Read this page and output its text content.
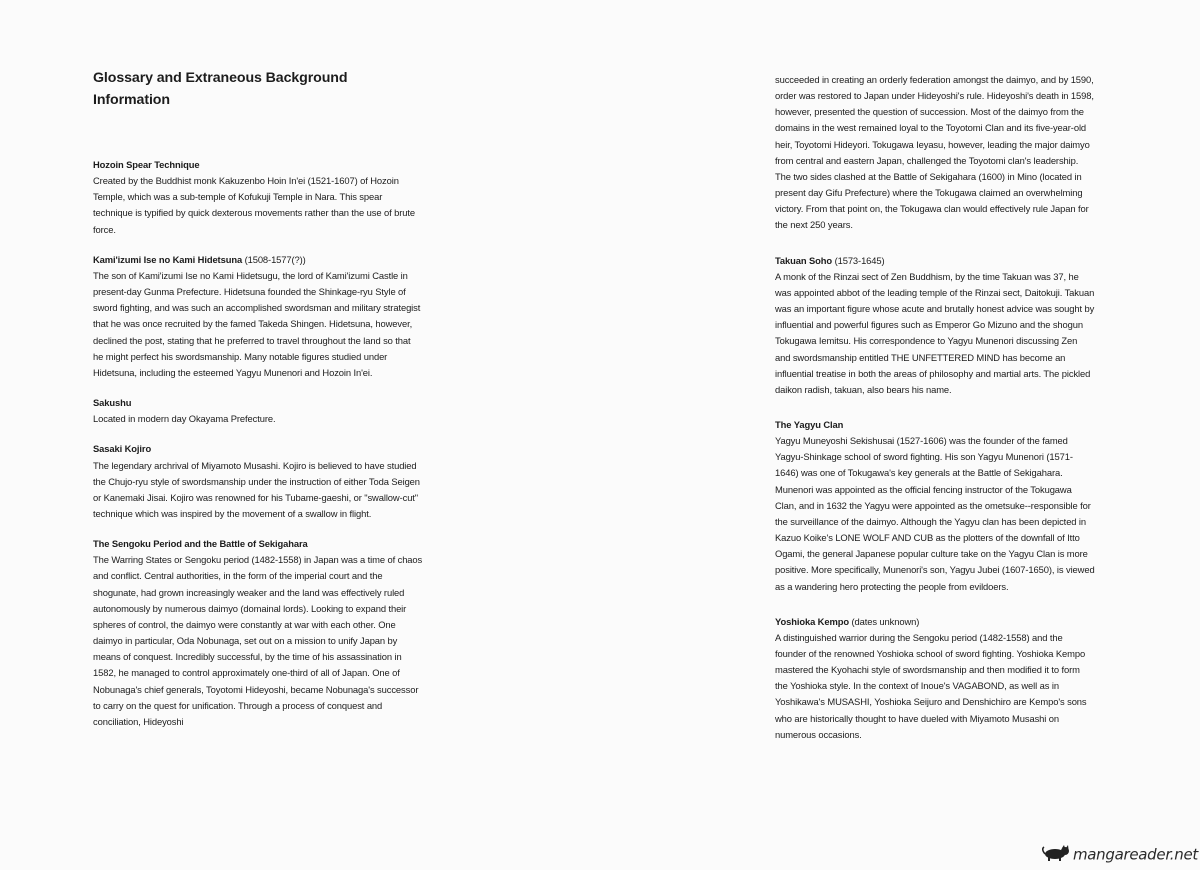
Glossary and Extraneous Background Information
Hozoin Spear Technique

Created by the Buddhist monk Kakuzenbo Hoin In'ei (1521-1607) of Hozoin Temple, which was a sub-temple of Kofukuji Temple in Nara. This spear technique is typified by quick dexterous movements rather than the use of brute force.

Kami'izumi Ise no Kami Hidetsuna (1508-1577(?))

The son of Kami'izumi Ise no Kami Hidetsugu, the lord of Kami'izumi Castle in present-day Gunma Prefecture. Hidetsuna founded the Shinkage-ryu Style of sword fighting, and was such an accomplished swordsman and military strategist that he was once recruited by the famed Takeda Shingen. Hidetsuna, however, declined the post, stating that he preferred to travel throughout the land so that he might perfect his swordsmanship. Many notable figures studied under Hidetsuna, including the esteemed Yagyu Munenori and Hozoin In'ei.

Sakushu

Located in modern day Okayama Prefecture.

Sasaki Kojiro

The legendary archrival of Miyamoto Musashi. Kojiro is believed to have studied the Chujo-ryu style of swordsmanship under the instruction of either Toda Seigen or Kanemaki Jisai. Kojiro was renowned for his Tubame-gaeshi, or "swallow-cut" technique which was inspired by the movement of a swallow in flight.

The Sengoku Period and the Battle of Sekigahara

The Warring States or Sengoku period (1482-1558) in Japan was a time of chaos and conflict. Central authorities, in the form of the imperial court and the shogunate, had grown increasingly weaker and the land was effectively ruled autonomously by numerous daimyo (domainal lords). Looking to expand their spheres of control, the daimyo were constantly at war with each other. One daimyo in particular, Oda Nobunaga, set out on a mission to unify Japan by means of conquest. Incredibly successful, by the time of his assassination in 1582, he managed to control approximately one-third of all of Japan. One of Nobunaga's chief generals, Toyotomi Hideyoshi, became Nobunaga's successor to carry on the quest for unification. Through a process of conquest and conciliation, Hideyoshi

succeeded in creating an orderly federation amongst the daimyo, and by 1590, order was restored to Japan under Hideyoshi's rule. Hideyoshi's death in 1598, however, presented the question of succession. Most of the daimyo from the domains in the west remained loyal to the Toyotomi Clan and its five-year-old heir, Toyotomi Hideyori. Tokugawa Ieyasu, however, leading the major daimyo from central and eastern Japan, challenged the Toyotomi clan's leadership. The two sides clashed at the Battle of Sekigahara (1600) in Mino (located in present day Gifu Prefecture) where the Tokugawa claimed an overwhelming victory. From that point on, the Tokugawa clan would effectively rule Japan for the next 250 years.

Takuan Soho (1573-1645)

A monk of the Rinzai sect of Zen Buddhism, by the time Takuan was 37, he was appointed abbot of the leading temple of the Rinzai sect, Daitokuji. Takuan was an important figure whose acute and brutally honest advice was sought by influential and powerful figures such as Emperor Go Mizuno and the shogun Tokugawa Iemitsu. His correspondence to Yagyu Munenori discussing Zen and swordsmanship entitled THE UNFETTERED MIND has become an influential treatise in both the areas of philosophy and martial arts. The pickled daikon radish, takuan, also bears his name.

The Yagyu Clan

Yagyu Muneyoshi Sekishusai (1527-1606) was the founder of the famed Yagyu-Shinkage school of sword fighting. His son Yagyu Munenori (1571-1646) was one of Tokugawa's key generals at the Battle of Sekigahara. Munenori was appointed as the official fencing instructor of the Tokugawa Clan, and in 1632 the Yagyu were appointed as the ometsuke--responsible for the surveillance of the daimyo. Although the Yagyu clan has been depicted in Kazuo Koike's LONE WOLF AND CUB as the plotters of the downfall of Itto Ogami, the general Japanese popular culture take on the Yagyu Clan is more positive. More specifically, Munenori's son, Yagyu Jubei (1607-1650), is viewed as a wandering hero protecting the people from evildoers.

Yoshioka Kempo (dates unknown)

A distinguished warrior during the Sengoku period (1482-1558) and the founder of the renowned Yoshioka school of sword fighting. Yoshioka Kempo mastered the Kyohachi style of swordsmanship and then modified it to form the Yoshioka style. In the context of Inoue's VAGABOND, as well as in Yoshikawa's MUSASHI, Yoshioka Seijuro and Denshichiro are Kempo's sons who are historically thought to have dueled with Miyamoto Musashi on numerous occasions.

mangareader.net
